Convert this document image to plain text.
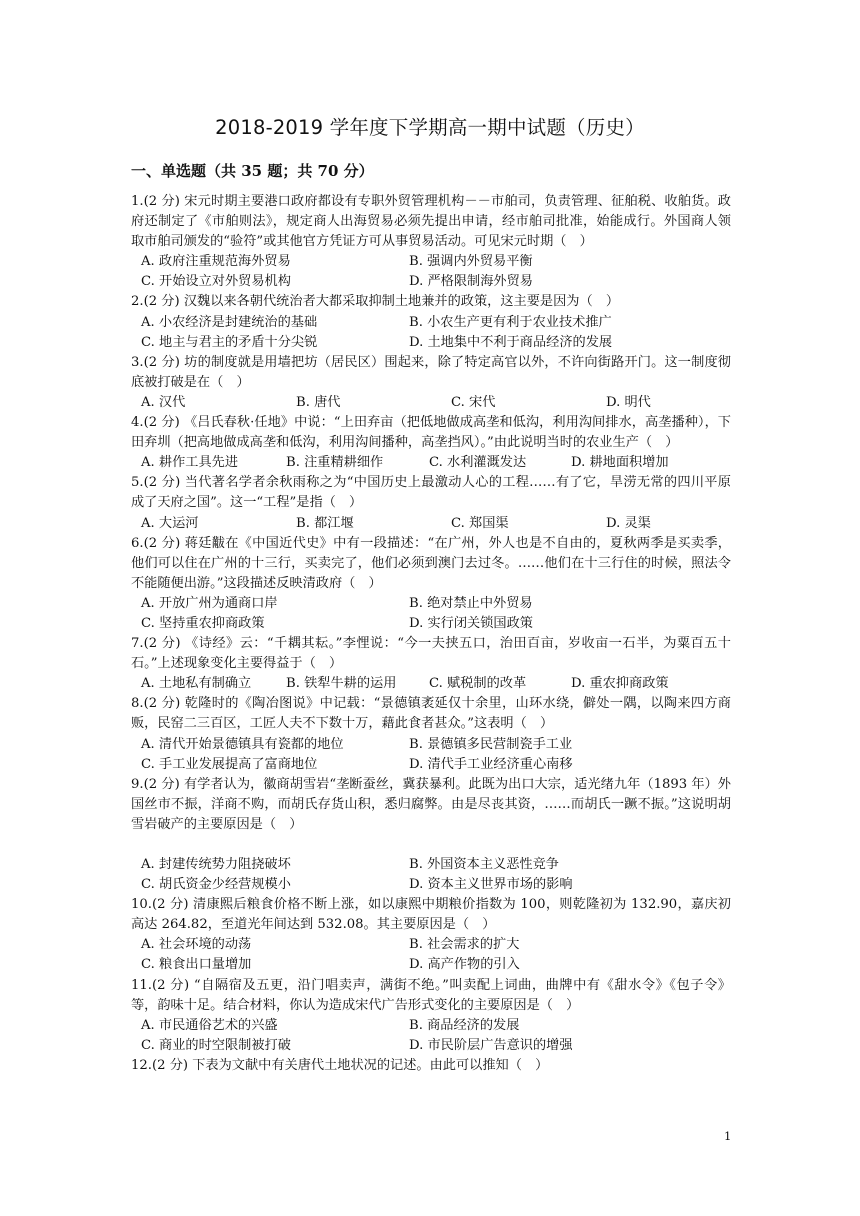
2018-2019 学年度下学期高一期中试题（历史）
一、单选题（共 35 题；共 70 分）

1.(2 分) 宋元时期主要港口政府都设有专职外贸管理机构－－市舶司，负责管理、征舶税、收舶货。政府还制定了《市舶则法》，规定商人出海贸易必须先提出申请，经市舶司批准，始能成行。外国商人领取市舶司颁发的“验符”或其他官方凭证方可从事贸易活动。可见宋元时期（　）

A. 政府注重规范海外贸易	B. 强调内外贸易平衡
C. 开始设立对外贸易机构	D. 严格限制海外贸易

2.(2 分) 汉魏以来各朝代统治者大都采取抑制土地兼并的政策，这主要是因为（　）

A. 小农经济是封建统治的基础	B. 小农生产更有利于农业技术推广
C. 地主与君主的矛盾十分尖锐	D. 土地集中不利于商品经济的发展

3.(2 分) 坊的制度就是用墙把坊（居民区）围起来，除了特定高官以外，不许向街路开门。这一制度彻底被打破是在（　）

A. 汉代	B. 唐代	C. 宋代	D. 明代

4.(2 分) 《吕氏春秋·任地》中说：“上田弃亩（把低地做成高垄和低沟，利用沟间排水，高垄播种），下田弃圳（把高地做成高垄和低沟，利用沟间播种，高垄挡风）。”由此说明当时的农业生产（　）

A. 耕作工具先进	B. 注重精耕细作	C. 水利灌溉发达	D. 耕地面积增加

5.(2 分) 当代著名学者余秋雨称之为“中国历史上最激动人心的工程……有了它，旱涝无常的四川平原成了天府之国”。这一“工程”是指（　）

A. 大运河	B. 都江堰	C. 郑国渠	D. 灵渠

6.(2 分) 蒋廷黻在《中国近代史》中有一段描述：“在广州，外人也是不自由的，夏秋两季是买卖季，他们可以住在广州的十三行，买卖完了，他们必须到澳门去过冬。……他们在十三行住的时候，照法令不能随便出游。”这段描述反映清政府（　）

A. 开放广州为通商口岸	B. 绝对禁止中外贸易
C. 坚持重农抑商政策	D. 实行闭关锁国政策

7.(2 分) 《诗经》云：“千耦其耘。”李悝说：“今一夫挟五口，治田百亩，岁收亩一石半，为粟百五十石。”上述现象变化主要得益于（　）

A. 土地私有制确立	B. 铁犁牛耕的运用	C. 赋税制的改革	D. 重农抑商政策

8.(2 分) 乾隆时的《陶冶图说》中记载：“景德镇袤延仅十余里，山环水绕，僻处一隅，以陶来四方商贩，民窑二三百区，工匠人夫不下数十万，藉此食者甚众。”这表明（　）

A. 清代开始景德镇具有瓷都的地位	B. 景德镇多民营制瓷手工业
C. 手工业发展提高了富商地位	D. 清代手工业经济重心南移

9.(2 分) 有学者认为，徽商胡雪岩“垄断蚕丝，冀获暴利。此既为出口大宗，适光绪九年（1893 年）外国丝市不振，洋商不购，而胡氏存货山积，悉归腐弊。由是尽丧其资，……而胡氏一蹶不振。”这说明胡雪岩破产的主要原因是（　）

A. 封建传统势力阻挠破坏	B. 外国资本主义恶性竞争
C. 胡氏资金少经营规模小	D. 资本主义世界市场的影响

10.(2 分) 清康熙后粮食价格不断上涨，如以康熙中期粮价指数为 100，则乾隆初为 132.90，嘉庆初高达 264.82，至道光年间达到 532.08。其主要原因是（　）

A. 社会环境的动荡	B. 社会需求的扩大
C. 粮食出口量增加	D. 高产作物的引入

11.(2 分) “自隔宿及五更，沿门唱卖声，满街不绝。”叫卖配上词曲，曲牌中有《甜水令》《包子令》等，韵味十足。结合材料，你认为造成宋代广告形式变化的主要原因是（　）

A. 市民通俗艺术的兴盛	B. 商品经济的发展
C. 商业的时空限制被打破	D. 市民阶层广告意识的增强

12.(2 分) 下表为文献中有关唐代土地状况的记述。由此可以推知（　）

1
